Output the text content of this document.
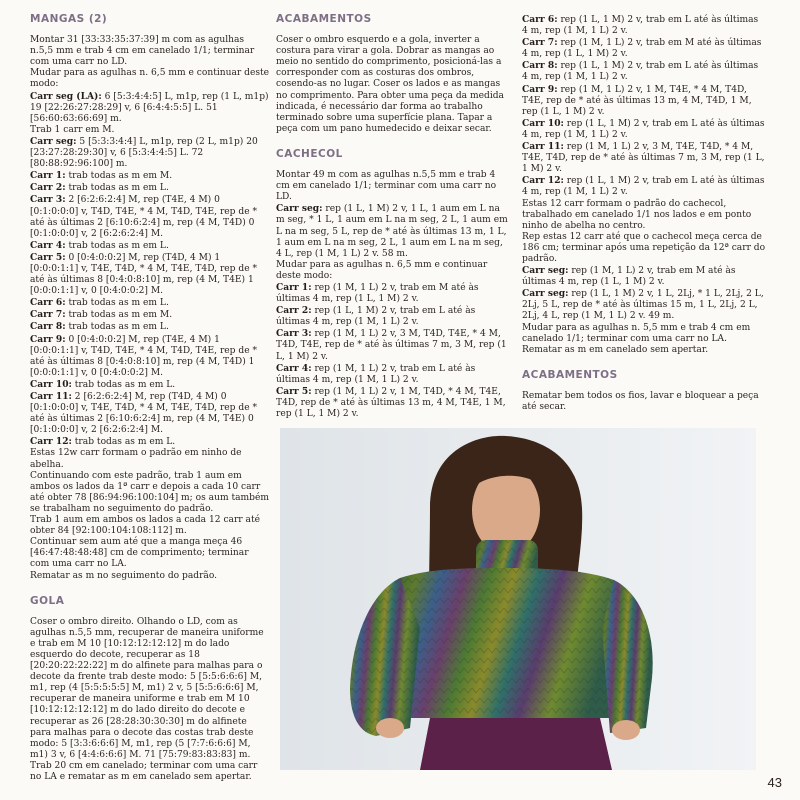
MANGAS (2)

Montar 31 [33:33:35:37:39] m com as agulhas n.5,5 mm e trab 4 cm em canelado 1/1; terminar com uma carr no LD.

Mudar para as agulhas n. 6,5 mm e continuar deste modo:

Carr seg (LA): 6 [5:3:4:4:5] L, m1p, rep (1 L, m1p) 19 [22:26:27:28:29] v, 6 [6:4:4:5:5] L. 51 [56:60:63:66:69] m.

Trab 1 carr em M.

Carr seg: 5 [5:3:3:4:4] L, m1p, rep (2 L, m1p) 20 [23:27:28:29:30] v, 6 [5:3:4:4:5] L. 72 [80:88:92:96:100] m.

Carr 1: trab todas as m em M.

Carr 2: trab todas as m em L.

Carr 3: 2 [6:2:6:2:4] M, rep (T4E, 4 M) 0 [0:1:0:0:0] v, T4D, T4E, * 4 M, T4D, T4E, rep de * até às últimas 2 [6:10:6:2:4] m, rep (4 M, T4D) 0 [0:1:0:0:0] v, 2 [6:2:6:2:4] M.

Carr 4: trab todas as m em L.

Carr 5: 0 [0:4:0:0:2] M, rep (T4D, 4 M) 1 [0:0:0:1:1] v, T4E, T4D, * 4 M, T4E, T4D, rep de * até às últimas 8 [0:4:0:8:10] m, rep (4 M, T4E) 1 [0:0:0:1:1] v, 0 [0:4:0:0:2] M.

Carr 6: trab todas as m em L.

Carr 7: trab todas as m em M.

Carr 8: trab todas as m em L.

Carr 9: 0 [0:4:0:0:2] M, rep (T4E, 4 M) 1 [0:0:0:1:1] v, T4D, T4E, * 4 M, T4D, T4E, rep de * até às últimas 8 [0:4:0:8:10] m, rep (4 M, T4D) 1 [0:0:0:1:1] v, 0 [0:4:0:0:2] M.

Carr 10: trab todas as m em L.

Carr 11: 2 [6:2:6:2:4] M, rep (T4D, 4 M) 0 [0:1:0:0:0] v, T4E, T4D, * 4 M, T4E, T4D, rep de * até às últimas 2 [6:10:6:2:4] m, rep (4 M, T4E) 0 [0:1:0:0:0] v, 2 [6:2:6:2:4] M.

Carr 12: trab todas as m em L.

Estas 12w carr formam o padrão em ninho de abelha.

Continuando com este padrão, trab 1 aum em ambos os lados da 1ª carr e depois a cada 10 carr até obter 78 [86:94:96:100:104] m; os aum também se trabalham no seguimento do padrão.

Trab 1 aum em ambos os lados a cada 12 carr até obter 84 [92:100:104:108:112] m.

Continuar sem aum até que a manga meça 46 [46:47:48:48:48] cm de comprimento; terminar com uma carr no LA.

Rematar as m no seguimento do padrão.

GOLA

Coser o ombro direito. Olhando o LD, com as agulhas n.5,5 mm, recuperar de maneira uniforme e trab em M 10 [10:12:12:12:12] m do lado esquerdo do decote, recuperar as 18 [20:20:22:22:22] m do alfinete para malhas para o decote da frente trab deste modo: 5 [5:5:6:6:6] M, m1, rep (4 [5:5:5:5:5] M, m1) 2 v, 5 [5:5:6:6:6] M, recuperar de maneira uniforme e trab em M 10 [10:12:12:12:12] m do lado direito do decote e recuperar as 26 [28:28:30:30:30] m do alfinete para malhas para o decote das costas trab deste modo: 5 [3:3:6:6:6] M, m1, rep (5 [7:7:6:6:6] M, m1) 3 v, 6 [4:4:6:6:6] M. 71 [75:79:83:83:83] m.

Trab 20 cm em canelado; terminar com uma carr no LA e rematar as m em canelado sem apertar.

ACABAMENTOS

Coser o ombro esquerdo e a gola, inverter a costura para virar a gola. Dobrar as mangas ao meio no sentido do comprimento, posicioná-las a corresponder com as costuras dos ombros, cosendo-as no lugar. Coser os lados e as mangas no comprimento. Para obter uma peça da medida indicada, é necessário dar forma ao trabalho terminado sobre uma superfície plana. Tapar a peça com um pano humedecido e deixar secar.

CACHECOL

Montar 49 m com as agulhas n.5,5 mm e trab 4 cm em canelado 1/1; terminar com uma carr no LD.

Carr seg: rep (1 L, 1 M) 2 v, 1 L, 1 aum em L na m seg, * 1 L, 1 aum em L na m seg, 2 L, 1 aum em L na m seg, 5 L, rep de * até às últimas 13 m, 1 L, 1 aum em L na m seg, 2 L, 1 aum em L na m seg, 4 L, rep (1 M, 1 L) 2 v. 58 m.

Mudar para as agulhas n. 6,5 mm e continuar deste modo:

Carr 1: rep (1 M, 1 L) 2 v, trab em M até às últimas 4 m, rep (1 L, 1 M) 2 v.

Carr 2: rep (1 L, 1 M) 2 v, trab em L até às últimas 4 m, rep (1 M, 1 L) 2 v.

Carr 3: rep (1 M, 1 L) 2 v, 3 M, T4D, T4E, * 4 M, T4D, T4E, rep de * até às últimas 7 m, 3 M, rep (1 L, 1 M) 2 v.

Carr 4: rep (1 M, 1 L) 2 v, trab em L até às últimas 4 m, rep (1 M, 1 L) 2 v.

Carr 5: rep (1 M, 1 L) 2 v, 1 M, T4D, * 4 M, T4E, T4D, rep de * até às últimas 13 m, 4 M, T4E, 1 M, rep (1 L, 1 M) 2 v.

Carr 6: rep (1 L, 1 M) 2 v, trab em L até às últimas 4 m, rep (1 M, 1 L) 2 v.

Carr 7: rep (1 M, 1 L) 2 v, trab em M até às últimas 4 m, rep (1 L, 1 M) 2 v.

Carr 8: rep (1 L, 1 M) 2 v, trab em L até às últimas 4 m, rep (1 M, 1 L) 2 v.

Carr 9: rep (1 M, 1 L) 2 v, 1 M, T4E, * 4 M, T4D, T4E, rep de * até às últimas 13 m, 4 M, T4D, 1 M, rep (1 L, 1 M) 2 v.

Carr 10: rep (1 L, 1 M) 2 v, trab em L até às últimas 4 m, rep (1 M, 1 L) 2 v.

Carr 11: rep (1 M, 1 L) 2 v, 3 M, T4E, T4D, * 4 M, T4E, T4D, rep de * até às últimas 7 m, 3 M, rep (1 L, 1 M) 2 v.

Carr 12: rep (1 L, 1 M) 2 v, trab em L até às últimas 4 m, rep (1 M, 1 L) 2 v.

Estas 12 carr formam o padrão do cachecol, trabalhado em canelado 1/1 nos lados e em ponto ninho de abelha no centro.

Rep estas 12 carr até que o cachecol meça cerca de 186 cm; terminar após uma repetição da 12ª carr do padrão.

Carr seg: rep (1 M, 1 L) 2 v, trab em M até às últimas 4 m, rep (1 L, 1 M) 2 v.

Carr seg: rep (1 L, 1 M) 2 v, 1 L, 2Lj, * 1 L, 2Lj, 2 L, 2Lj, 5 L, rep de * até às últimas 15 m, 1 L, 2Lj, 2 L, 2Lj, 4 L, rep (1 M, 1 L) 2 v. 49 m.

Mudar para as agulhas n. 5,5 mm e trab 4 cm em canelado 1/1; terminar com uma carr no LA.

Rematar as m em canelado sem apertar.

ACABAMENTOS

Rematar bem todos os fios, lavar e bloquear a peça até secar.

43
